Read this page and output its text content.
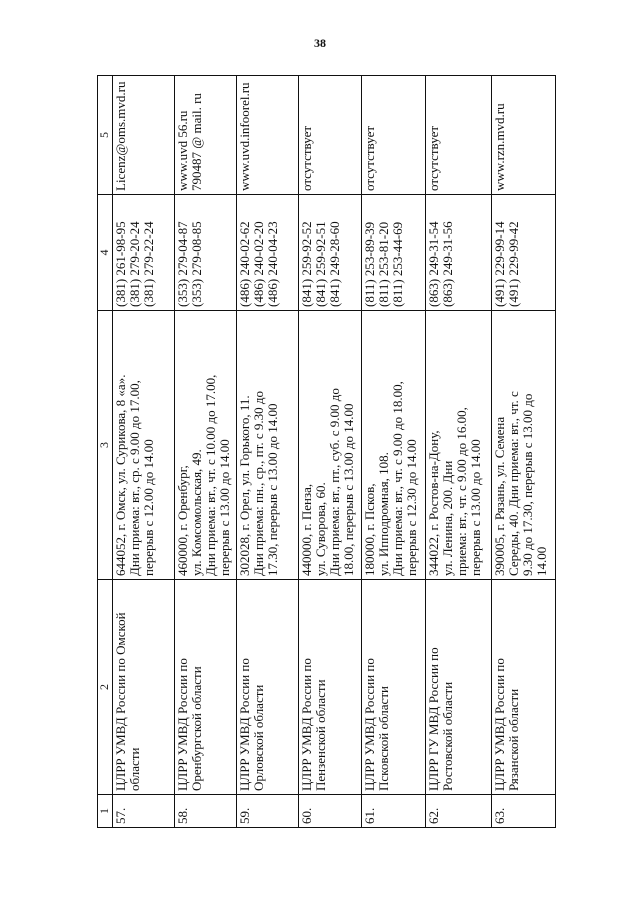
38
1	2	3	4	5
57.	ЦЛРР УМВД России по Омской области	644052, г. Омск, ул. Сурикова, 8 «а». Дни приема: вт., ср. с 9.00 до 17.00, перерыв с 12.00 до 14.00	(381) 261-98-95 (381) 279-20-24 (381) 279-22-24	Licenz@oms.mvd.ru

58.	ЦЛРР УМВД России по Оренбургской области	460000, г. Оренбург, ул. Комсомольская, 49. Дни приема: вт., чт. с 10.00 до 17.00, перерыв с 13.00 до 14.00	(353) 279-04-87 (353) 279-08-85	www.uvd 56.ru 790487 @ mail. ru

59.	ЦЛРР УМВД России по Орловской области	302028, г. Орел, ул. Горького, 11. Дни приема: пн., ср., пт. с 9.30 до 17.30, перерыв с 13.00 до 14.00	(486) 240-02-62 (486) 240-02-20 (486) 240-04-23	www.uvd.infoorel.ru

60.	ЦЛРР УМВД России по Пензенской области	440000, г. Пенза, ул. Суворова, 60. Дни приема: вт., пт., суб. с 9.00 до 18.00, перерыв с 13.00 до 14.00	(841) 259-92-52 (841) 259-92-51 (841) 249-28-60	отсутствует

61.	ЦЛРР УМВД России по Псковской области	180000, г. Псков, ул. Ипподромная, 108. Дни приема: вт., чт. с 9.00 до 18.00, перерыв с 12.30 до 14.00	(811) 253-89-39 (811) 253-81-20 (811) 253-44-69	отсутствует

62.	ЦЛРР ГУ МВД России по Ростовской области	344022, г. Ростов-на-Дону, ул. Ленина, 200. Дни приема: вт., чт. с 9.00 до 16.00, перерыв с 13.00 до 14.00	(863) 249-31-54 (863) 249-31-56	отсутствует

63.	ЦЛРР УМВД России по Рязанской области	390005, г. Рязань, ул. Семена Середы, 40. Дни приема: вт., чт. с 9.30 до 17.30, перерыв с 13.00 до 14.00	(491) 229-99-14 (491) 229-99-42	www.rzn.mvd.ru
